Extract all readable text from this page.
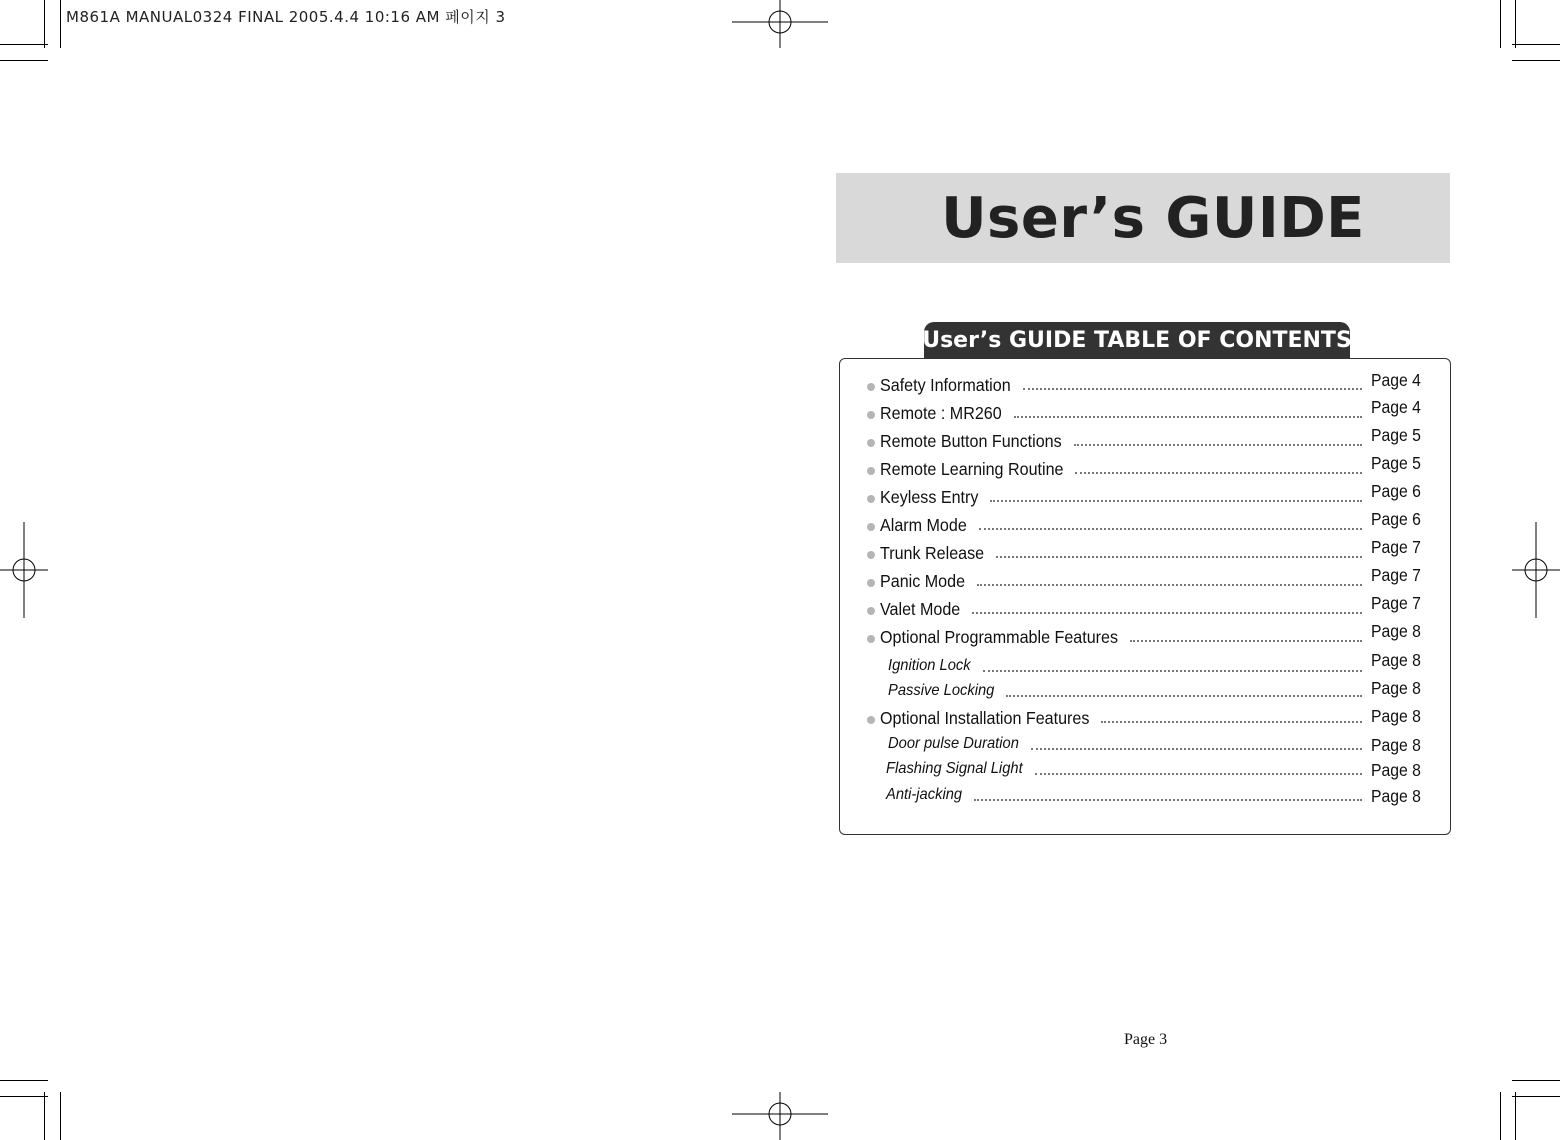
M861A MANUAL0324 FINAL 2005.4.4 10:16 AM 페이지 3
User’s GUIDE
User’s GUIDE TABLE OF CONTENTS
Safety Information	Page 4
Remote : MR260	Page 4
Remote Button Functions	Page 5
Remote Learning Routine	Page 5
Keyless Entry	Page 6
Alarm Mode	Page 6
Trunk Release	Page 7
Panic Mode	Page 7
Valet Mode	Page 7
Optional Programmable Features	Page 8
Ignition Lock	Page 8
Passive Locking	Page 8
Optional Installation Features	Page 8
Door pulse Duration	Page 8
Flashing Signal Light	Page 8
Anti-jacking	Page 8
Page 3
